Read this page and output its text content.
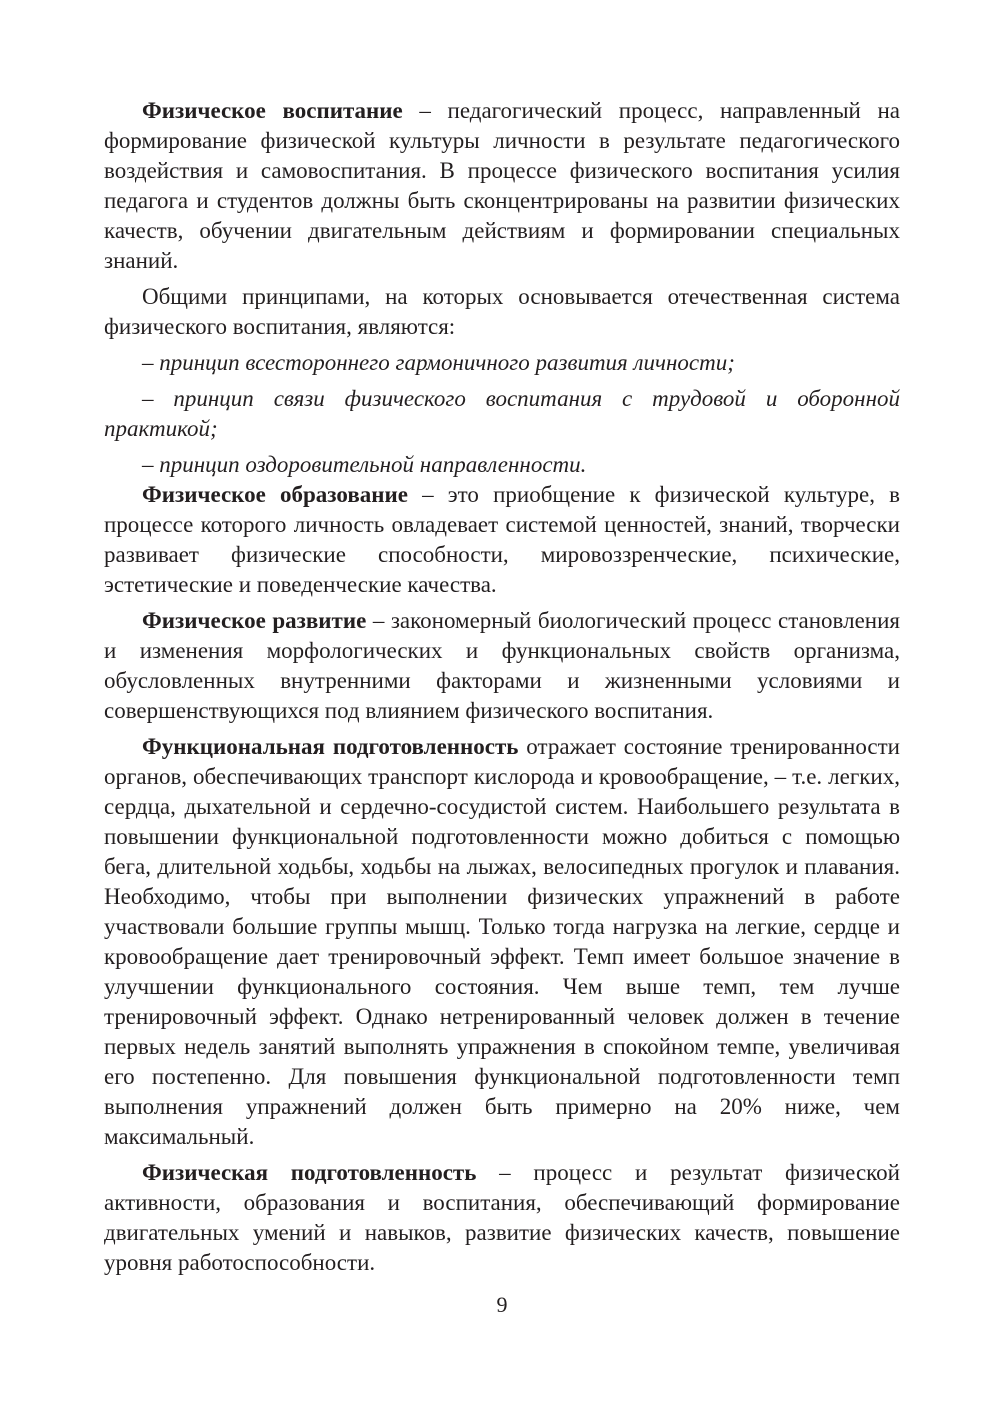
Физическое воспитание – педагогический процесс, направленный на формирование физической культуры личности в результате педагогического воздействия и самовоспитания. В процессе физического воспитания усилия педагога и студентов должны быть сконцентрированы на развитии физических качеств, обучении двигательным действиям и формировании специальных знаний.

Общими принципами, на которых основывается отечественная система физического воспитания, являются:

– принцип всестороннего гармоничного развития личности;

– принцип связи физического воспитания с трудовой и оборонной практикой;

– принцип оздоровительной направленности.

Физическое образование – это приобщение к физической культуре, в процессе которого личность овладевает системой ценностей, знаний, творчески развивает физические способности, мировоззренческие, психические, эстетические и поведенческие качества.

Физическое развитие – закономерный биологический процесс становления и изменения морфологических и функциональных свойств организма, обусловленных внутренними факторами и жизненными условиями и совершенствующихся под влиянием физического воспитания.

Функциональная подготовленность отражает состояние тренированности органов, обеспечивающих транспорт кислорода и кровообращение, – т.е. легких, сердца, дыхательной и сердечно-сосудистой систем. Наибольшего результата в повышении функциональной подготовленности можно добиться с помощью бега, длительной ходьбы, ходьбы на лыжах, велосипедных прогулок и плавания. Необходимо, чтобы при выполнении физических упражнений в работе участвовали большие группы мышц. Только тогда нагрузка на легкие, сердце и кровообращение дает тренировочный эффект. Темп имеет большое значение в улучшении функционального состояния. Чем выше темп, тем лучше тренировочный эффект. Однако нетренированный человек должен в течение первых недель занятий выполнять упражнения в спокойном темпе, увеличивая его постепенно. Для повышения функциональной подготовленности темп выполнения упражнений должен быть примерно на 20% ниже, чем максимальный.

Физическая подготовленность – процесс и результат физической активности, образования и воспитания, обеспечивающий формирование двигательных умений и навыков, развитие физических качеств, повышение уровня работоспособности.

9
